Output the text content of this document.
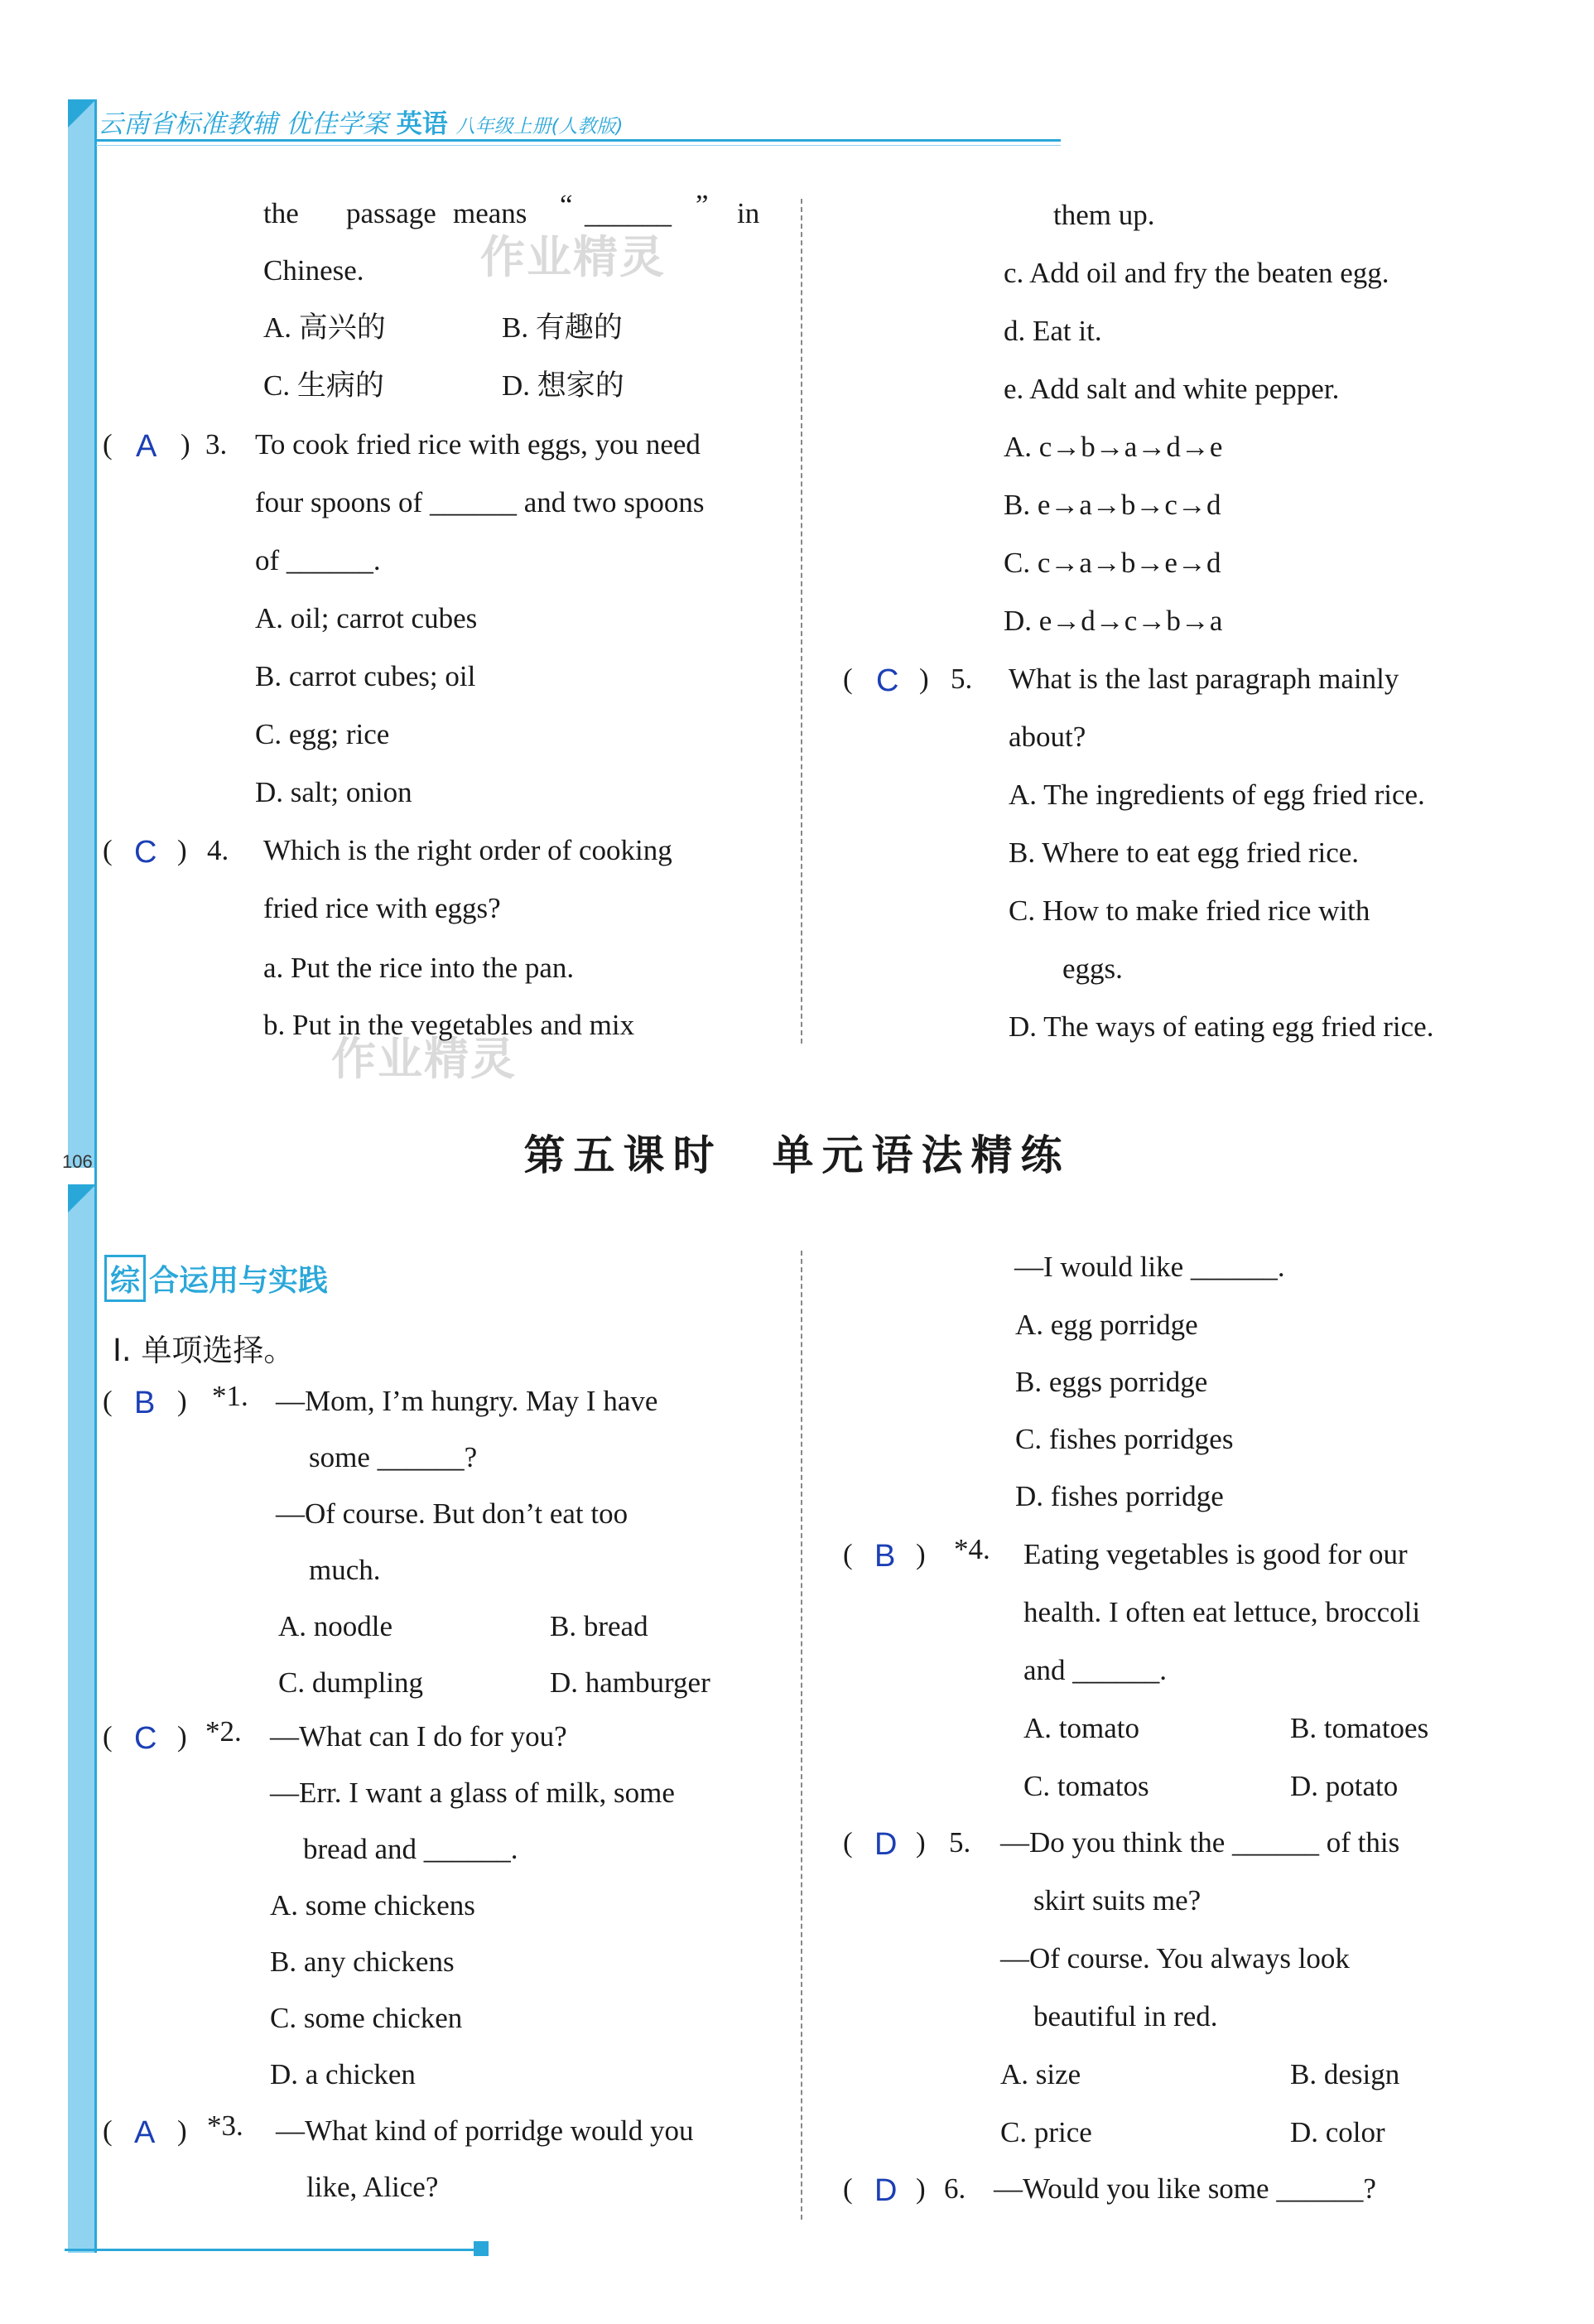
云南省标准教辅 优佳学案 英语 八年级上册(人教版)
106
作业精灵
作业精灵
the passage means “ ______ ” in
Chinese.
A. 高兴的	B. 有趣的
C. 生病的	D. 想家的
( A ) 3. To cook fried rice with eggs, you need
four spoons of ______ and two spoons
of ______.
A. oil; carrot cubes
B. carrot cubes; oil
C. egg; rice
D. salt; onion
( C ) 4. Which is the right order of cooking
fried rice with eggs?
a. Put the rice into the pan.
b. Put in the vegetables and mix
them up.
c. Add oil and fry the beaten egg.
d. Eat it.
e. Add salt and white pepper.
A. c→b→a→d→e
B. e→a→b→c→d
C. c→a→b→e→d
D. e→d→c→b→a
( C ) 5. What is the last paragraph mainly
about?
A. The ingredients of egg fried rice.
B. Where to eat egg fried rice.
C. How to make fried rice with
eggs.
D. The ways of eating egg fried rice.
第五课时　单元语法精练
综 合运用与实践
Ⅰ. 单项选择。
( B ) *1. —Mom, I’m hungry. May I have
some ______?
—Of course. But don’t eat too
much.
A. noodle	B. bread
C. dumpling	D. hamburger
( C ) *2. —What can I do for you?
—Err. I want a glass of milk, some
bread and ______.
A. some chickens
B. any chickens
C. some chicken
D. a chicken
( A ) *3. —What kind of porridge would you
like, Alice?
—I would like ______.
A. egg porridge
B. eggs porridge
C. fishes porridges
D. fishes porridge
( B ) *4. Eating vegetables is good for our
health. I often eat lettuce, broccoli
and ______.
A. tomato	B. tomatoes
C. tomatos	D. potato
( D ) 5. —Do you think the ______ of this
skirt suits me?
—Of course. You always look
beautiful in red.
A. size	B. design
C. price	D. color
( D ) 6. —Would you like some ______?
